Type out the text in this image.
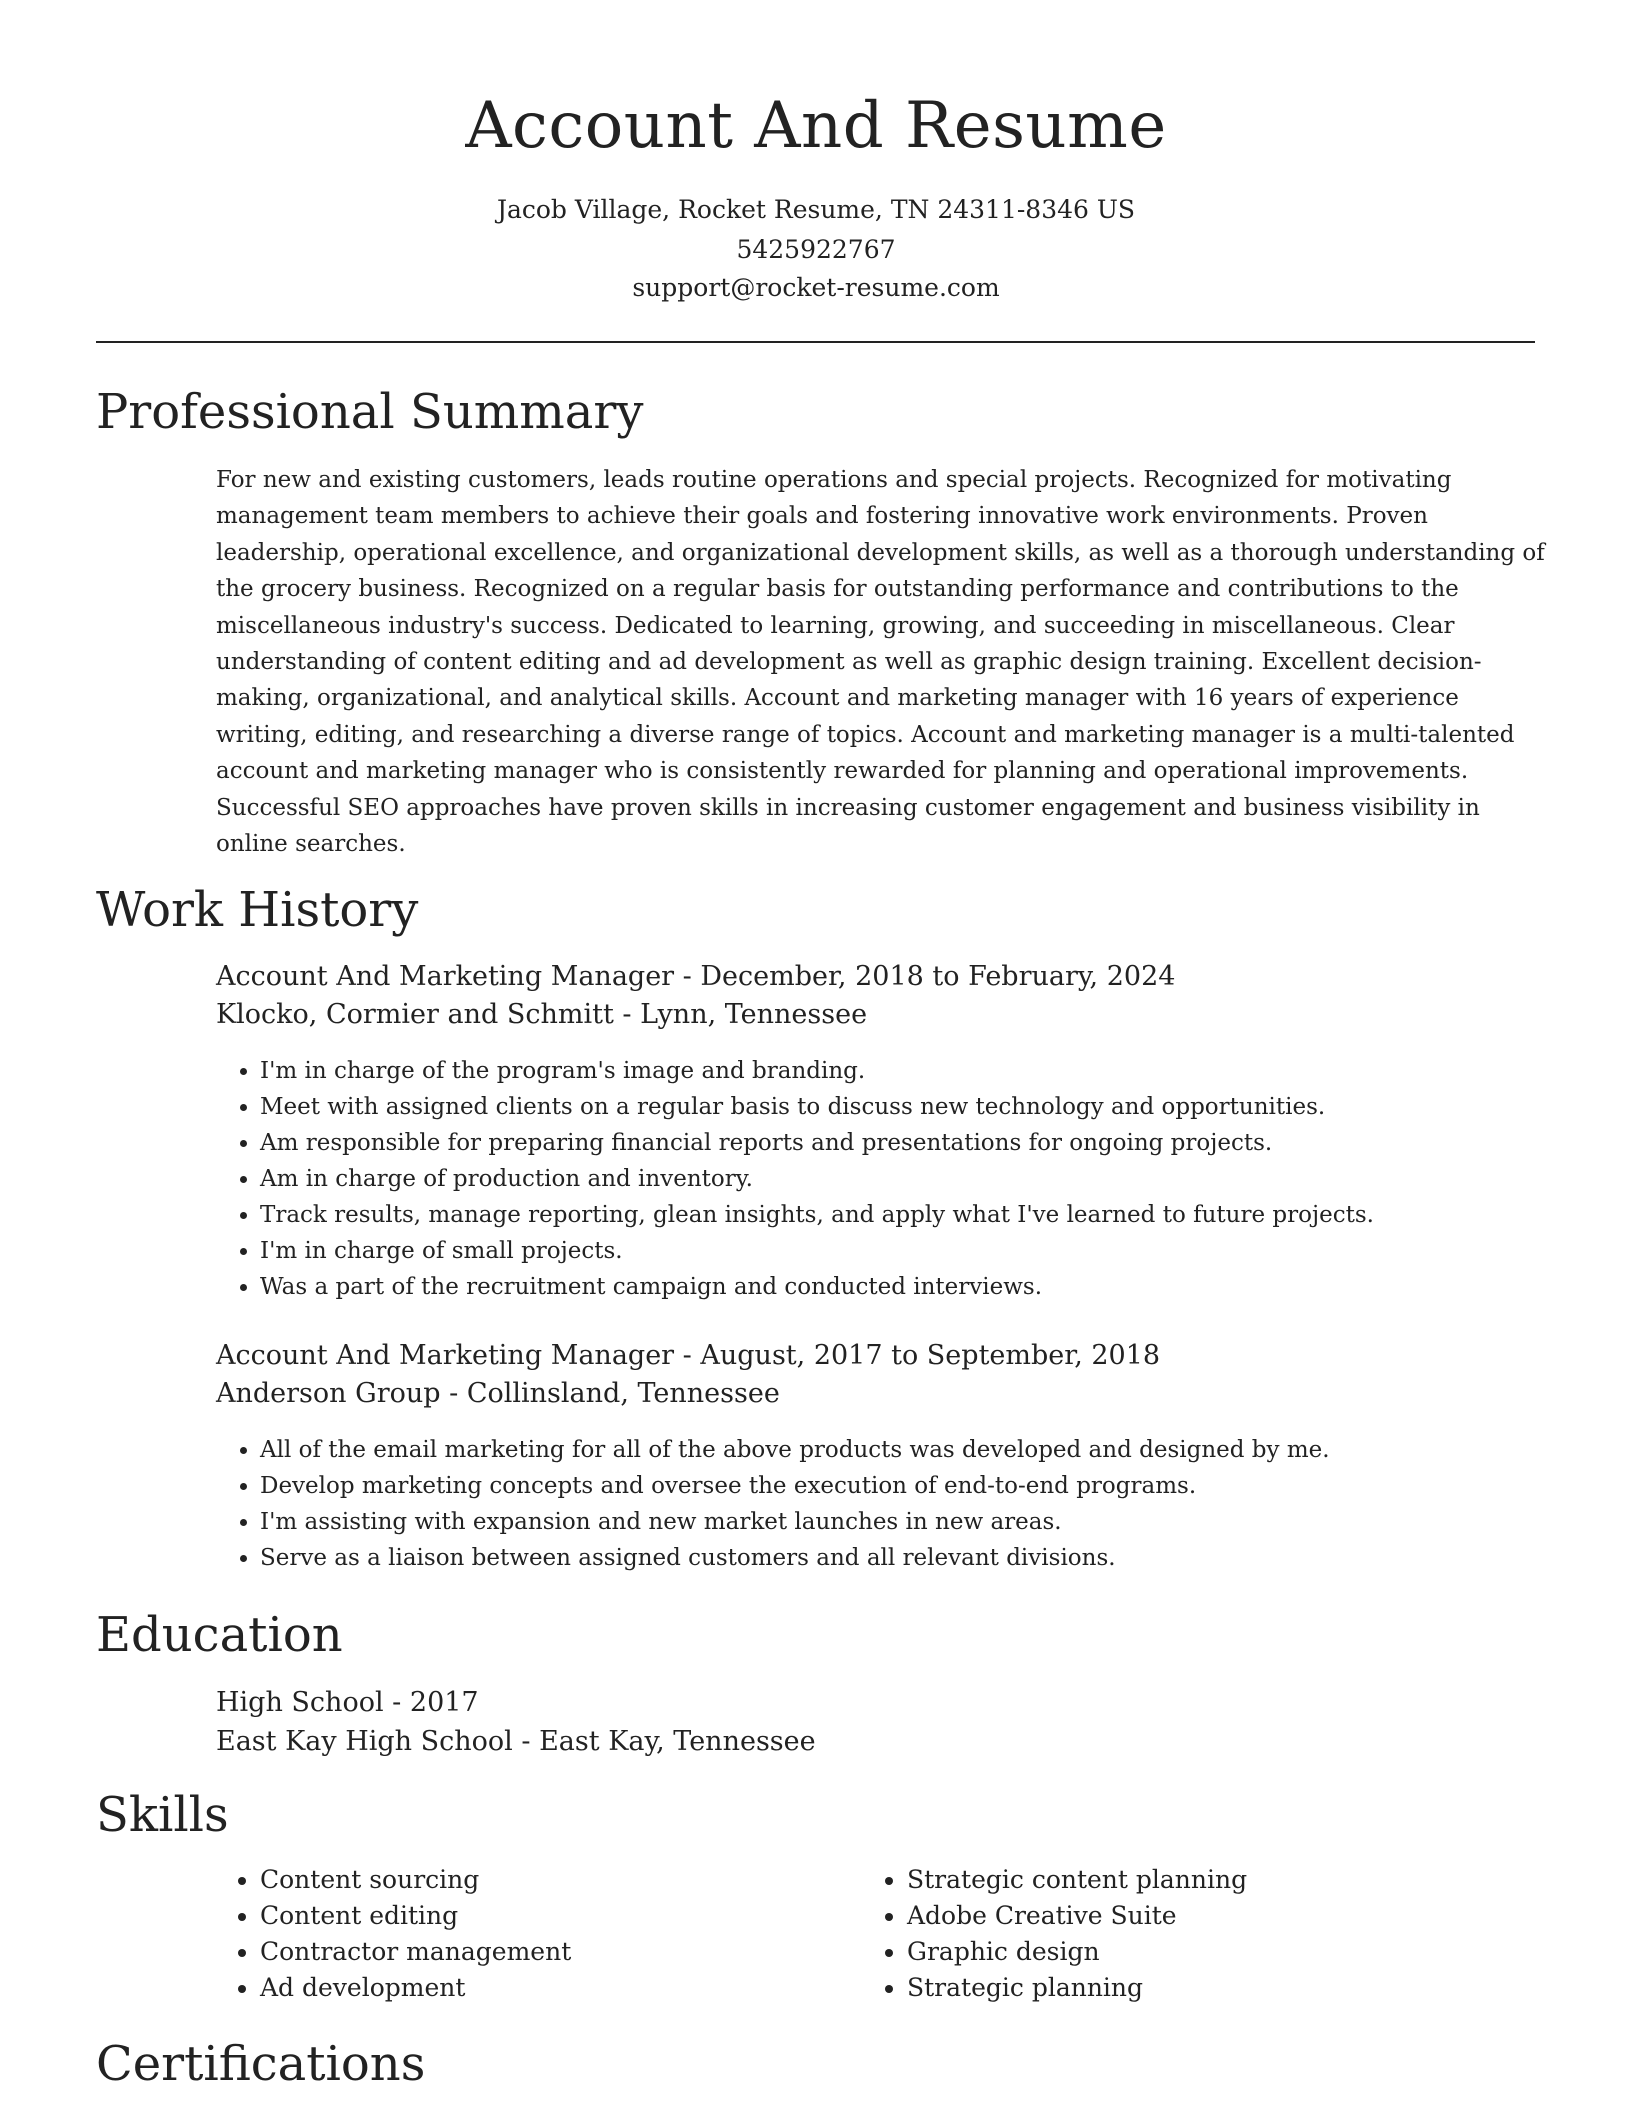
Account And Resume
Jacob Village, Rocket Resume, TN 24311-8346 US
5425922767
support@rocket-resume.com
Professional Summary

For new and existing customers, leads routine operations and special projects. Recognized for motivating management team members to achieve their goals and fostering innovative work environments. Proven leadership, operational excellence, and organizational development skills, as well as a thorough understanding of the grocery business. Recognized on a regular basis for outstanding performance and contributions to the miscellaneous industry's success. Dedicated to learning, growing, and succeeding in miscellaneous. Clear understanding of content editing and ad development as well as graphic design training. Excellent decision-making, organizational, and analytical skills. Account and marketing manager with 16 years of experience writing, editing, and researching a diverse range of topics. Account and marketing manager is a multi-talented account and marketing manager who is consistently rewarded for planning and operational improvements. Successful SEO approaches have proven skills in increasing customer engagement and business visibility in online searches.

Work History
Account And Marketing Manager - December, 2018 to February, 2024
Klocko, Cormier and Schmitt - Lynn, Tennessee
• I'm in charge of the program's image and branding.
• Meet with assigned clients on a regular basis to discuss new technology and opportunities.
• Am responsible for preparing financial reports and presentations for ongoing projects.
• Am in charge of production and inventory.
• Track results, manage reporting, glean insights, and apply what I've learned to future projects.
• I'm in charge of small projects.
• Was a part of the recruitment campaign and conducted interviews.
Account And Marketing Manager - August, 2017 to September, 2018
Anderson Group - Collinsland, Tennessee
• All of the email marketing for all of the above products was developed and designed by me.
• Develop marketing concepts and oversee the execution of end-to-end programs.
• I'm assisting with expansion and new market launches in new areas.
• Serve as a liaison between assigned customers and all relevant divisions.
Education
High School - 2017
East Kay High School - East Kay, Tennessee
Skills
• Content sourcing
• Content editing
• Contractor management
• Ad development
• Strategic content planning
• Adobe Creative Suite
• Graphic design
• Strategic planning
Certifications
